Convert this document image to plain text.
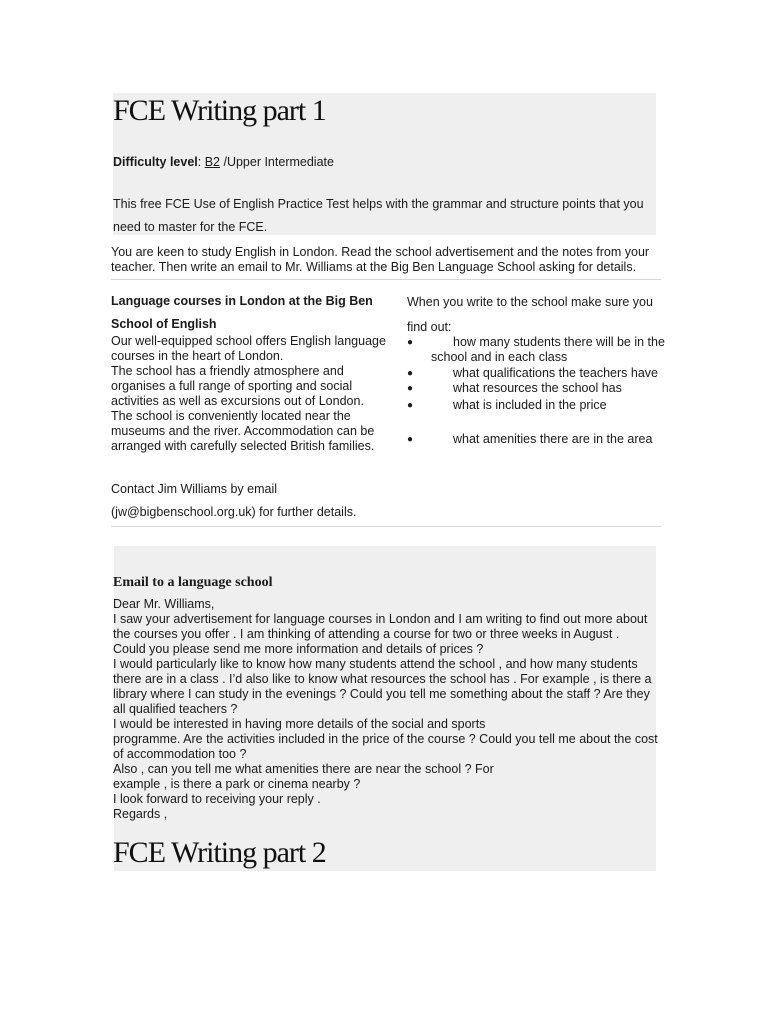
FCE Writing part 1
Difficulty level: B2 /Upper Intermediate
This free FCE Use of English Practice Test helps with the grammar and structure points that you need to master for the FCE.
You are keen to study English in London. Read the school advertisement and the notes from your teacher. Then write an email to Mr. Williams at the Big Ben Language School asking for details.
Language courses in London at the Big Ben School of English

Our well-equipped school offers English language courses in the heart of London.

The school has a friendly atmosphere and organises a full range of sporting and social activities as well as excursions out of London.

The school is conveniently located near the museums and the river. Accommodation can be arranged with carefully selected British families.

Contact Jim Williams by email (jw@bigbenschool.org.uk) for further details.
When you write to the school make sure you find out:
●	how many students there will be in the school and in each class
●	what qualifications the teachers have
●	what resources the school has
●	what is included in the price
●	what amenities there are in the area
Email to a language school

Dear Mr. Williams,

I saw your advertisement for language courses in London and I am writing to find out more about the courses you offer . I am thinking of attending a course for two or three weeks in August .

Could you please send me more information and details of prices ?

I would particularly like to know how many students attend the school , and how many students there are in a class . I’d also like to know what resources the school has . For example , is there a library where I can study in the evenings ? Could you tell me something about the staff ? Are they all qualified teachers ?

I would be interested in having more details of the social and sports
programme. Are the activities included in the price of the course ? Could you tell me about the cost of accommodation too ?

Also , can you tell me what amenities there are near the school ? For
example , is there a park or cinema nearby ?

I look forward to receiving your reply .

Regards ,

FCE Writing part 2
